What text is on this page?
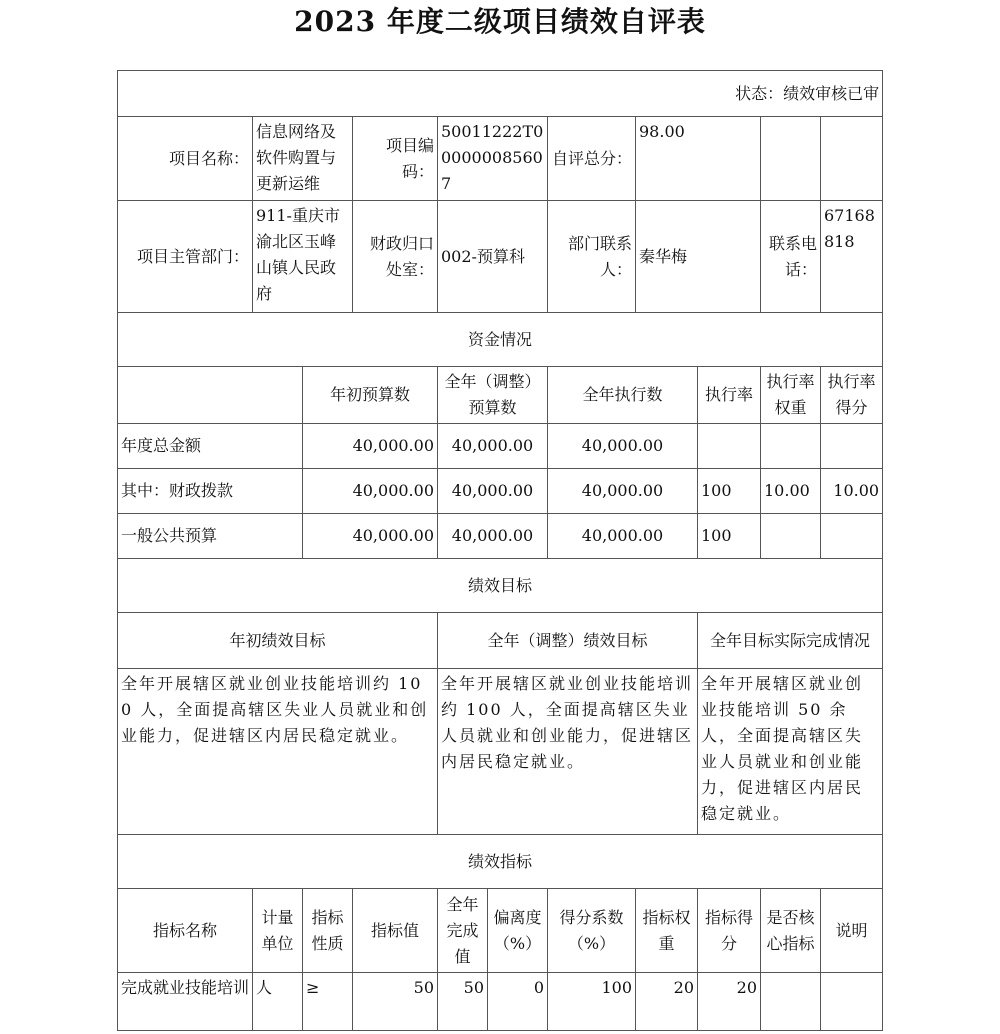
2023 年度二级项目绩效自评表
状态：绩效审核已审										
项目名称：	信息网络及软件购置与更新运维		项目编码：	50011222T000000085607		自评总分：	98.00			
项目主管部门：	911-重庆市渝北区玉峰山镇人民政府		财政归口处室：	002-预算科		部门联系人：	秦华梅		联系电话：	67168818
资金情况										
		年初预算数		全年（调整）预算数		全年执行数		执行率	执行率权重	执行率得分
年度总金额		40,000.00		40,000.00		40,000.00				
其中：财政拨款		40,000.00		40,000.00		40,000.00		100	10.00	10.00
一般公共预算		40,000.00		40,000.00		40,000.00		100		
绩效目标										
年初绩效目标				全年（调整）绩效目标				全年目标实际完成情况		
全年开展辖区就业创业技能培训约 100 人，全面提高辖区失业人员就业和创业能力，促进辖区内居民稳定就业。				全年开展辖区就业创业技能培训约 100 人，全面提高辖区失业人员就业和创业能力，促进辖区内居民稳定就业。				全年开展辖区就业创业技能培训 50 余人，全面提高辖区失业人员就业和创业能力，促进辖区内居民稳定就业。		
绩效指标										
指标名称	计量单位	指标性质	指标值	全年完成值	偏离度（%）	得分系数（%）	指标权重	指标得分	是否核心指标	说明
完成就业技能培训	人	≥	50	50	0	100	20	20		
